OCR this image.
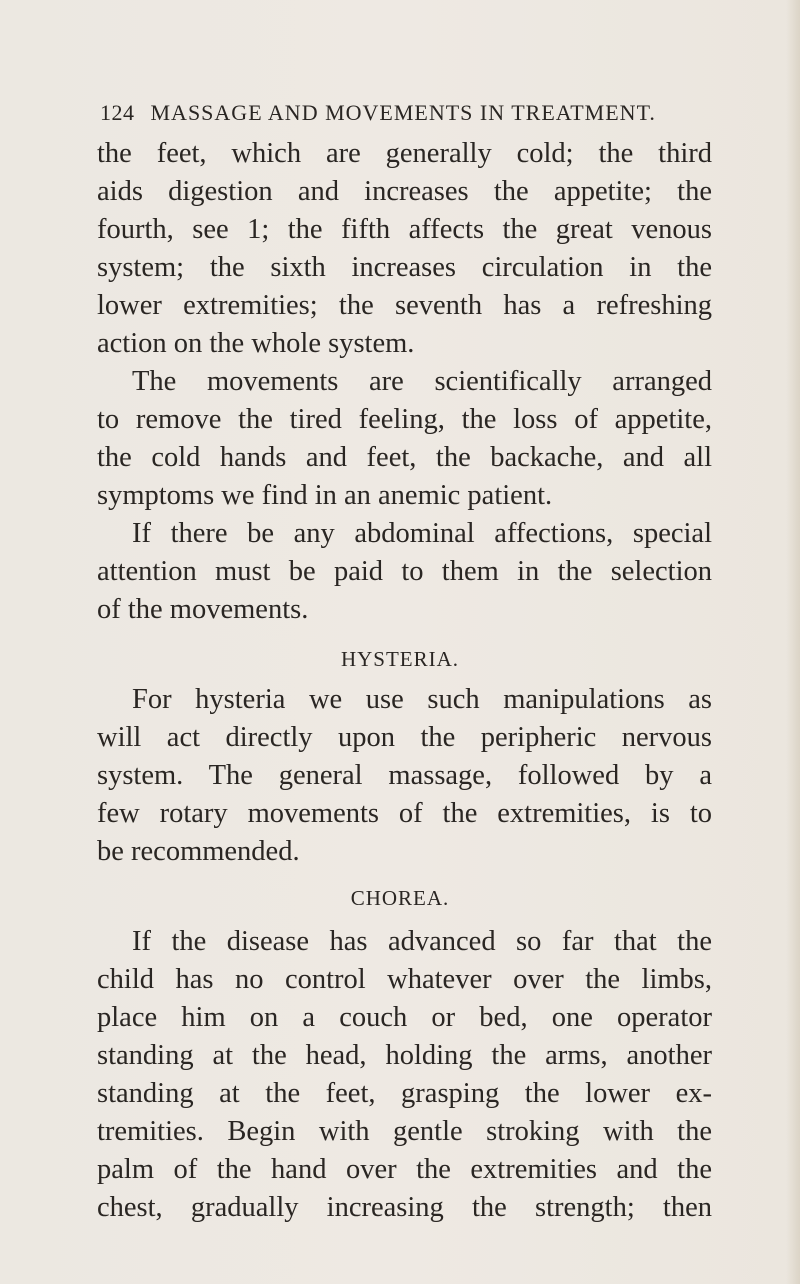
124 MASSAGE AND MOVEMENTS IN TREATMENT.
the feet, which are generally cold; the third
aids digestion and increases the appetite; the
fourth, see 1; the fifth affects the great venous
system; the sixth increases circulation in the
lower extremities; the seventh has a refreshing
action on the whole system.
The movements are scientifically arranged
to remove the tired feeling, the loss of appetite,
the cold hands and feet, the backache, and all
symptoms we find in an anemic patient.
If there be any abdominal affections, special
attention must be paid to them in the selection
of the movements.
HYSTERIA.
For hysteria we use such manipulations as
will act directly upon the peripheric nervous
system. The general massage, followed by a
few rotary movements of the extremities, is to
be recommended.
CHOREA.
If the disease has advanced so far that the
child has no control whatever over the limbs,
place him on a couch or bed, one operator
standing at the head, holding the arms, another
standing at the feet, grasping the lower ex-
tremities. Begin with gentle stroking with the
palm of the hand over the extremities and the
chest, gradually increasing the strength; then
